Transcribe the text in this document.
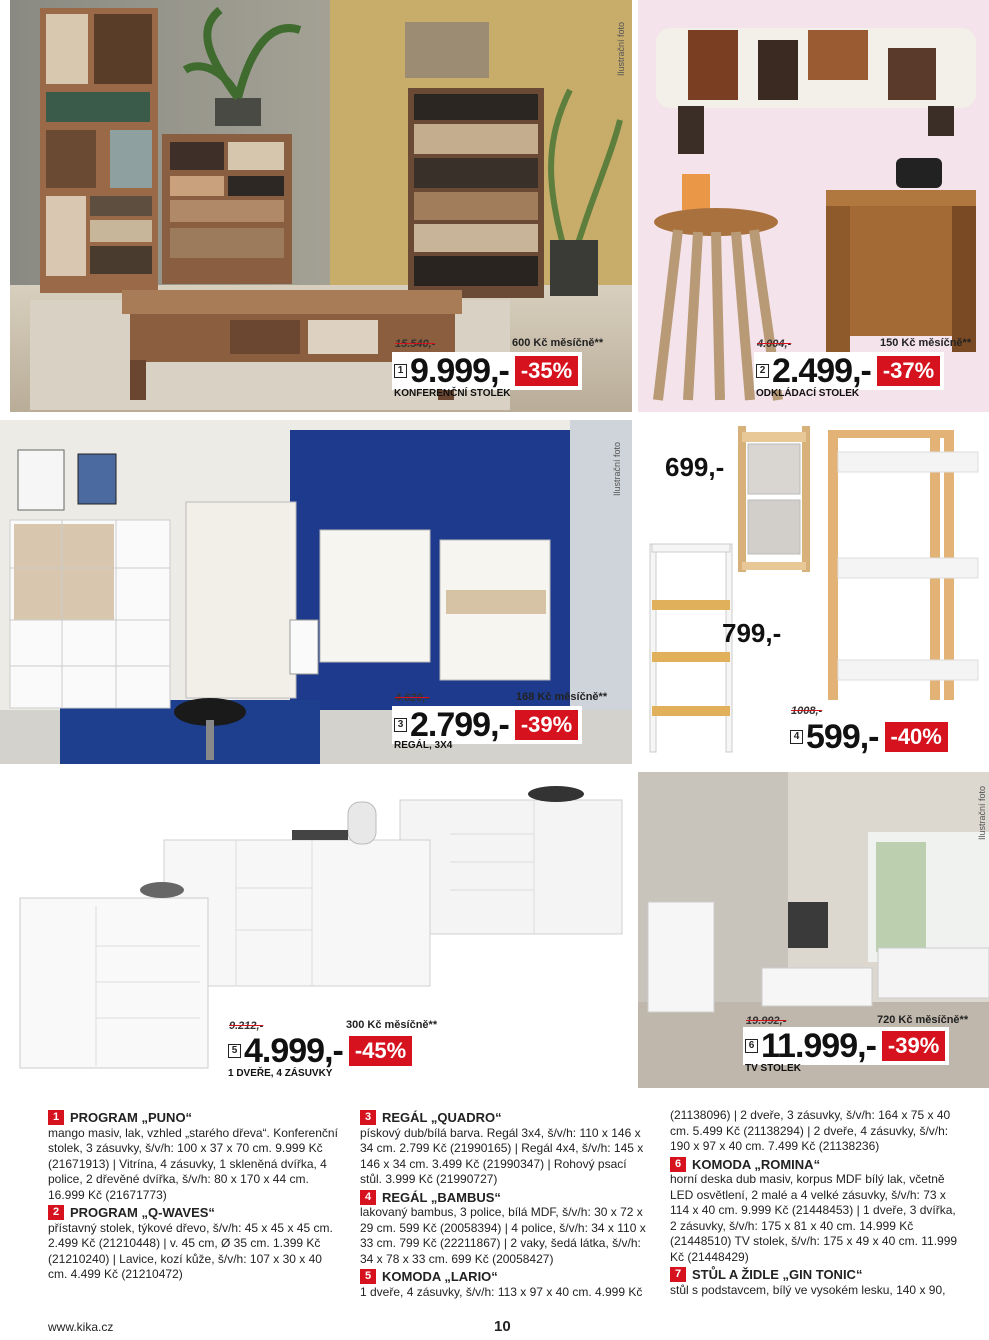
Ilustrační foto
15.540,-	600 Kč měsíčně**
1 9.999,- -35%
KONFERENČNÍ STOLEK
4.004,-	150 Kč měsíčně**
2 2.499,- -37%
ODKLÁDACÍ STOLEK
Ilustrační foto
4.620,-	168 Kč měsíčně**
3 2.799,- -39%
REGÁL, 3X4
699,-
799,-
1008,-
4 599,- -40%
9.212,-	300 Kč měsíčně**
5 4.999,- -45%
1 DVEŘE, 4 ZÁSUVKY
Ilustrační foto
19.992,-	720 Kč měsíčně**
6 11.999,- -39%
TV STOLEK
1 PROGRAM „PUNO“

mango masiv, lak, vzhled „starého dřeva“. Konferenční stolek, 3 zásuvky, š/v/h: 100 x 37 x 70 cm. 9.999 Kč (21671913) | Vitrína, 4 zásuvky, 1 skleněná dvířka, 4 police, 2 dřevěné dvířka, š/v/h: 80 x 170 x 44 cm. 16.999 Kč (21671773)

2 PROGRAM „Q-WAVES“

přístavný stolek, týkové dřevo, š/v/h: 45 x 45 x 45 cm. 2.499 Kč (21210448) | v. 45 cm, Ø 35 cm. 1.399 Kč (21210240) | Lavice, kozí kůže, š/v/h: 107 x 30 x 40 cm. 4.499 Kč (21210472)

3 REGÁL „QUADRO“

pískový dub/bílá barva. Regál 3x4, š/v/h: 110 x 146 x 34 cm. 2.799 Kč (21990165) | Regál 4x4, š/v/h: 145 x 146 x 34 cm. 3.499 Kč (21990347) | Rohový psací stůl. 3.999 Kč (21990727)

4 REGÁL „BAMBUS“

lakovaný bambus, 3 police, bílá MDF, š/v/h: 30 x 72 x 29 cm. 599 Kč (20058394) | 4 police, š/v/h: 34 x 110 x 33 cm. 799 Kč (22211867) | 2 vaky, šedá látka, š/v/h: 34 x 78 x 33 cm. 699 Kč (20058427)

5 KOMODA „LARIO“

1 dveře, 4 zásuvky, š/v/h: 113 x 97 x 40 cm. 4.999 Kč

(21138096) | 2 dveře, 3 zásuvky, š/v/h: 164 x 75 x 40 cm. 5.499 Kč (21138294) | 2 dveře, 4 zásuvky, š/v/h: 190 x 97 x 40 cm. 7.499 Kč (21138236)

6 KOMODA „ROMINA“

horní deska dub masiv, korpus MDF bílý lak, včetně LED osvětlení, 2 malé a 4 velké zásuvky, š/v/h: 73 x 114 x 40 cm. 9.999 Kč (21448453) | 1 dveře, 3 dvířka, 2 zásuvky, š/v/h: 175 x 81 x 40 cm. 14.999 Kč (21448510) TV stolek, š/v/h: 175 x 49 x 40 cm. 11.999 Kč (21448429)

7 STŮL A ŽIDLE „GIN TONIC“

stůl s podstavcem, bílý ve vysokém lesku, 140 x 90,

www.kika.cz	10
